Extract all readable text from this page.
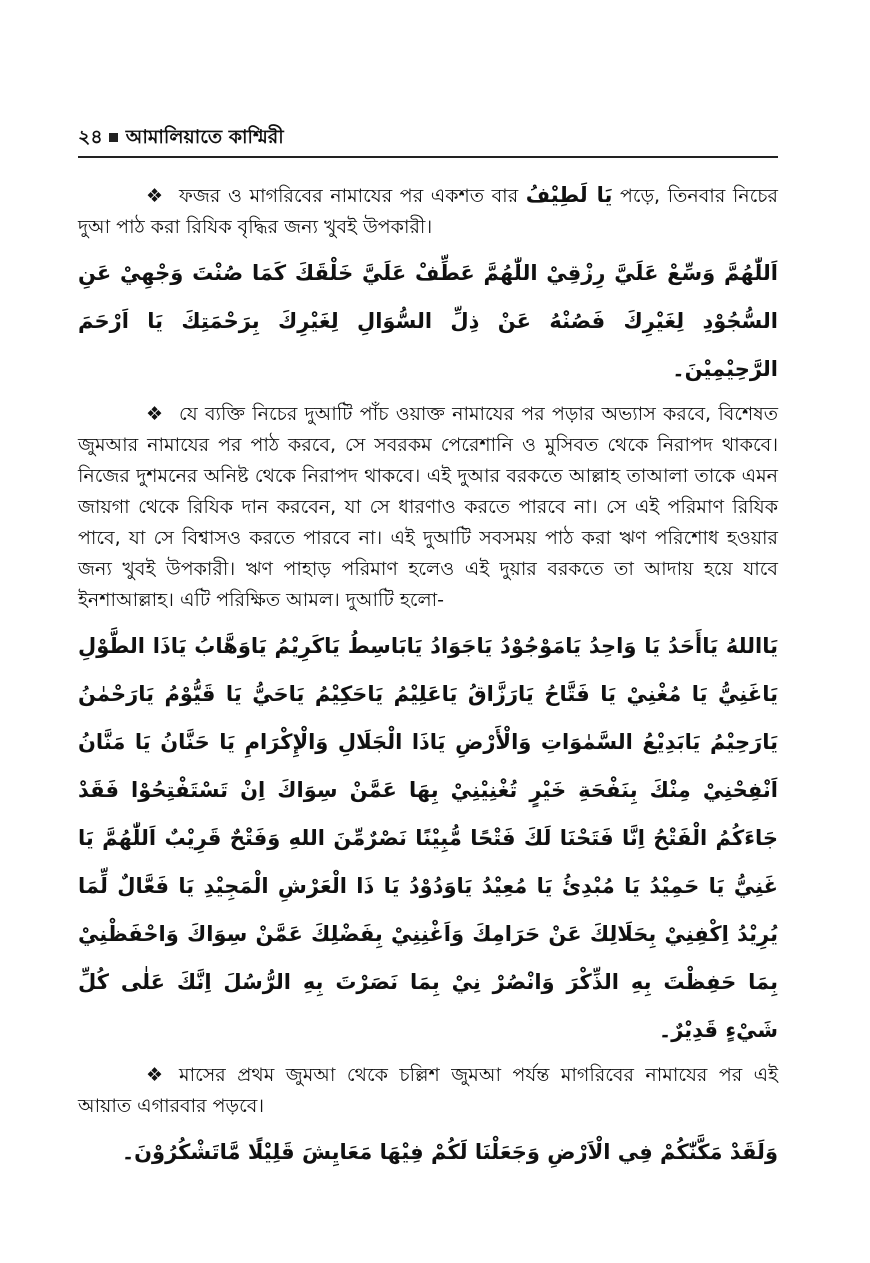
২৪ আমালিয়াতে কাশ্মিরী

❖ ফজর ও মাগরিবের নামাযের পর একশত বার يَا لَطِيْفُ পড়ে, তিনবার নিচের দুআ পাঠ করা রিযিক বৃদ্ধির জন্য খুবই উপকারী।

اَللّٰهُمَّ وَسِّعْ عَلَيَّ رِزْقِيْ اللّٰهُمَّ عَطِّفْ عَلَيَّ خَلْقَكَ كَمَا صُنْتَ وَجْهِيْ عَنِ السُّجُوْدِ لِغَيْرِكَ فَصُنْهُ عَنْ ذِلِّ السُّوَالِ لِغَيْرِكَ بِرَحْمَتِكَ يَا اَرْحَمَ الرَّحِيْمِيْنَ۔

❖ যে ব্যক্তি নিচের দুআটি পাঁচ ওয়াক্ত নামাযের পর পড়ার অভ্যাস করবে, বিশেষত জুমআর নামাযের পর পাঠ করবে, সে সবরকম পেরেশানি ও মুসিবত থেকে নিরাপদ থাকবে। নিজের দুশমনের অনিষ্ট থেকে নিরাপদ থাকবে। এই দুআর বরকতে আল্লাহ তাআলা তাকে এমন জায়গা থেকে রিযিক দান করবেন, যা সে ধারণাও করতে পারবে না। সে এই পরিমাণ রিযিক পাবে, যা সে বিশ্বাসও করতে পারবে না। এই দুআটি সবসময় পাঠ করা ঋণ পরিশোধ হওয়ার জন্য খুবই উপকারী। ঋণ পাহাড় পরিমাণ হলেও এই দুয়ার বরকতে তা আদায় হয়ে যাবে ইনশাআল্লাহ। এটি পরিক্ষিত আমল। দুআটি হলো-

يَااللهُ يَاأَحَدُ يَا وَاحِدُ يَامَوْجُوْدُ يَاجَوَادُ يَابَاسِطُ يَاكَرِيْمُ يَاوَهَّابُ يَاذَا الطَّوْلِ يَاغَنِيُّ يَا مُغْنِيْ يَا فَتَّاحُ يَارَزَّاقُ يَاعَلِيْمُ يَاحَكِيْمُ يَاحَيُّ يَا قَيُّوْمُ يَارَحْمٰنُ يَارَحِيْمُ يَابَدِيْعُ السَّمٰوَاتِ وَالْأَرْضِ يَاذَا الْجَلَالِ وَالْإِكْرَامِ يَا حَنَّانُ يَا مَنَّانُ اَنْفِحْنِيْ مِنْكَ بِنَفْحَةِ خَيْرٍ تُغْنِيْنِيْ بِهَا عَمَّنْ سِوَاكَ اِنْ تَسْتَفْتِحُوْا فَقَدْ جَاءَكُمُ الْفَتْحُ اِنَّا فَتَحْنَا لَكَ فَتْحًا مُّبِيْنًا نَصْرٌمِّنَ اللهِ وَفَتْحٌ قَرِيْبٌ اَللّٰهُمَّ يَا غَنِيُّ يَا حَمِيْدُ يَا مُبْدِئُ يَا مُعِيْدُ يَاوَدُوْدُ يَا ذَا الْعَرْشِ الْمَجِيْدِ يَا فَعَّالٌ لِّمَا يُرِيْدُ اِكْفِنِيْ بِحَلَالِكَ عَنْ حَرَامِكَ وَاَغْنِنِيْ بِفَضْلِكَ عَمَّنْ سِوَاكَ وَاحْفَظْنِيْ بِمَا حَفِظْتَ بِهِ الذِّكْرَ وَانْصُرْ نِيْ بِمَا نَصَرْتَ بِهِ الرُّسُلَ اِنَّكَ عَلٰى كُلِّ شَيْءٍ قَدِيْرٌ۔

❖ মাসের প্রথম জুমআ থেকে চল্লিশ জুমআ পর্যন্ত মাগরিবের নামাযের পর এই আয়াত এগারবার পড়বে।

وَلَقَدْ مَكَّنّٰكُمْ فِي الْاَرْضِ وَجَعَلْنَا لَكُمْ فِيْهَا مَعَايِشَ قَلِيْلًا مَّاتَشْكُرُوْنَ۔
